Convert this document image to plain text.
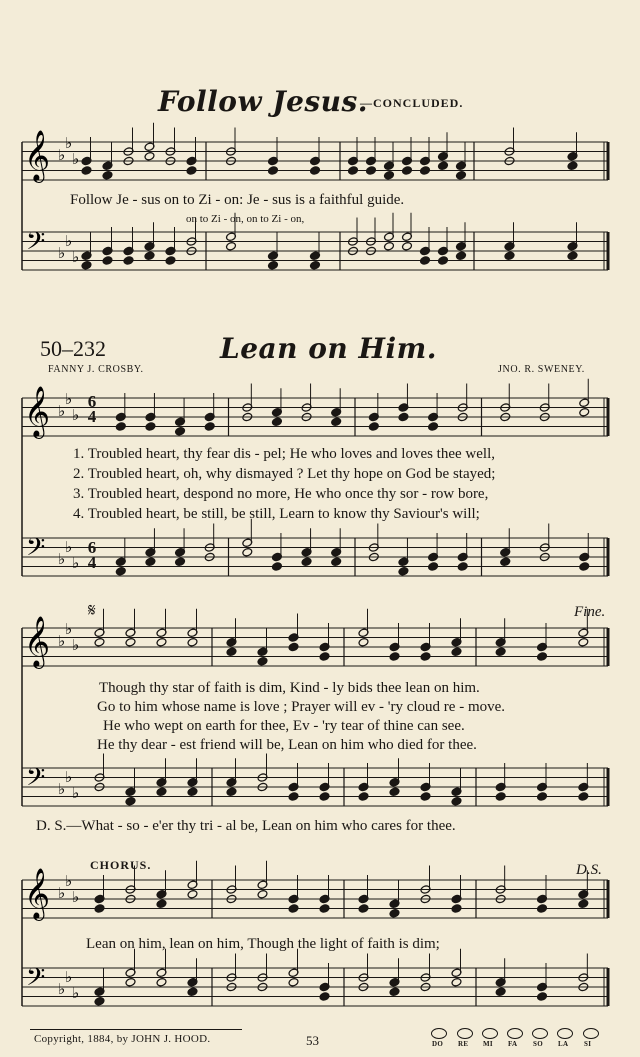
Follow Jesus.
—CONCLUDED.
Follow Je - sus on to Zi - on: Je - sus is a faithful guide.
on to Zi - on, on to Zi - on,
50–232	Lean on Him.
FANNY J. CROSBY.	JNO. R. SWENEY.
1. Troubled heart, thy fear dis - pel; He who loves and loves thee well,
2. Troubled heart, oh, why dismayed ? Let thy hope on God be stayed;
3. Troubled heart, despond no more, He who once thy sor - row bore,
4. Troubled heart, be still, be still, Learn to know thy Saviour's will;
6
4
6
4
𝄋	Fine.
Though thy star of faith is dim, Kind - ly bids thee lean on him.
Go to him whose name is love ; Prayer will ev - 'ry cloud re - move.
He who wept on earth for thee, Ev - 'ry tear of thine can see.
He thy dear - est friend will be, Lean on him who died for thee.
D. S.—What - so - e'er thy tri - al be, Lean on him who cares for thee.
CHORUS.	D.S.
Lean on him, lean on him, Though the light of faith is dim;
Copyright, 1884, by JOHN J. HOOD.	53	DO RE MI FA SO LA SI
𝄞
𝄢
♭
♭
♭
♭
♭
♭
𝄞
𝄢
♭
♭
♭
♭
♭
♭
𝄞
𝄢
♭
♭
♭
♭
♭
♭
𝄞
𝄢
♭
♭
♭
♭
♭
♭
